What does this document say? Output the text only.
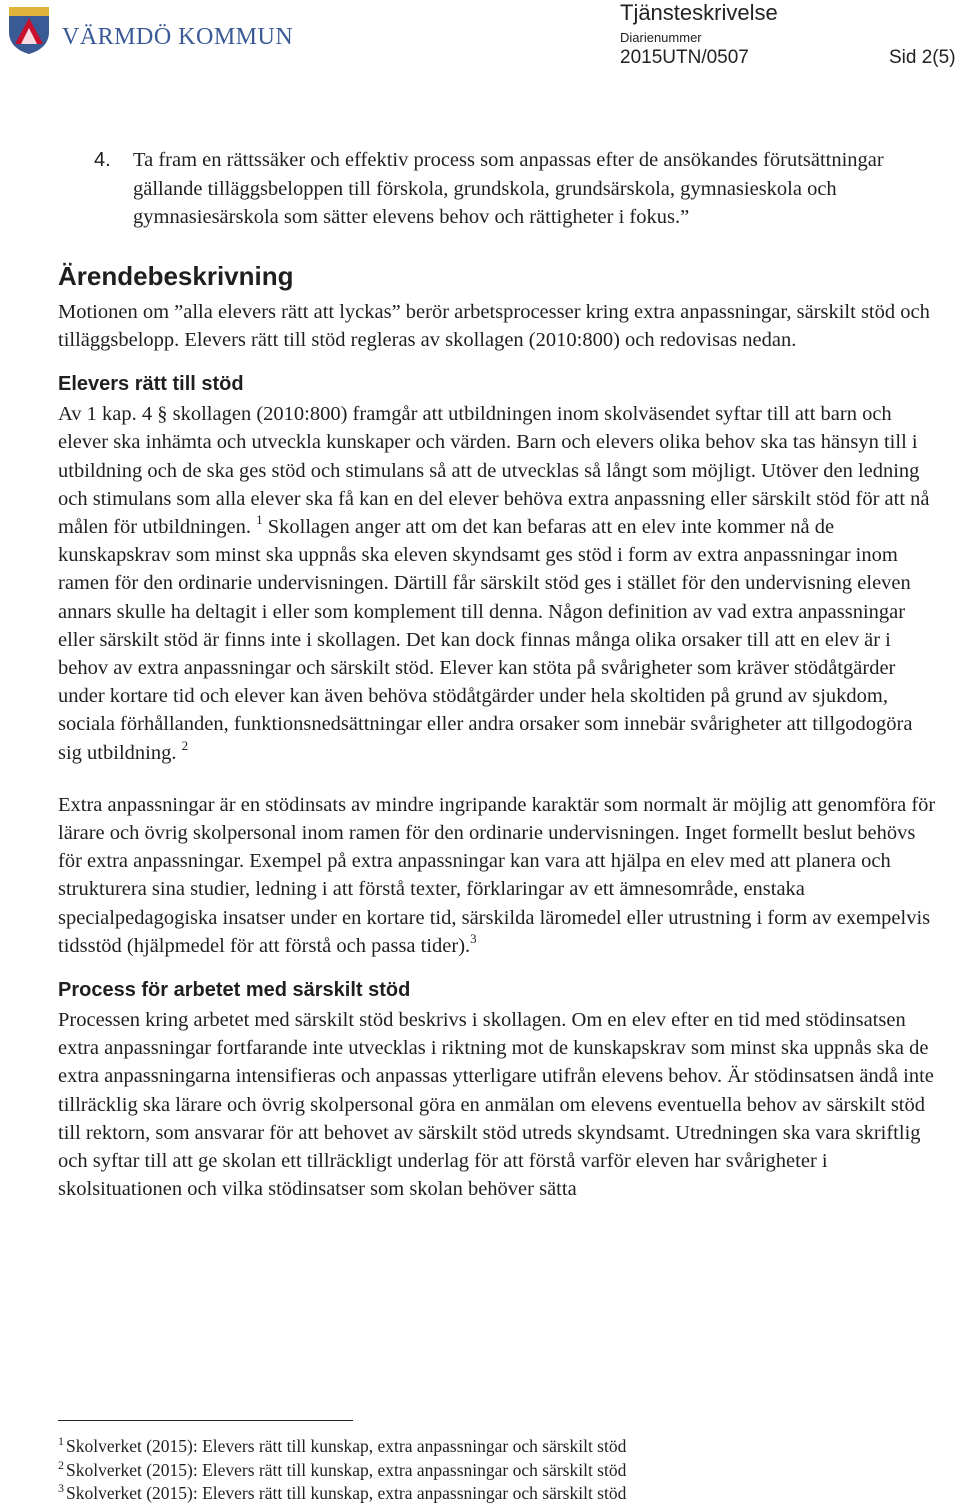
VÄRMDÖ KOMMUN
Tjänsteskrivelse
Diarienummer
2015UTN/0507	Sid 2(5)

4. Ta fram en rättssäker och effektiv process som anpassas efter de ansökandes förutsättningar gällande tilläggsbeloppen till förskola, grundskola, grundsärskola, gymnasieskola och gymnasiesärskola som sätter elevens behov och rättigheter i fokus.”

Ärendebeskrivning

Motionen om ”alla elevers rätt att lyckas” berör arbetsprocesser kring extra anpassningar, särskilt stöd och tilläggsbelopp. Elevers rätt till stöd regleras av skollagen (2010:800) och redovisas nedan.

Elevers rätt till stöd

Av 1 kap. 4 § skollagen (2010:800) framgår att utbildningen inom skolväsendet syftar till att barn och elever ska inhämta och utveckla kunskaper och värden. Barn och elevers olika behov ska tas hänsyn till i utbildning och de ska ges stöd och stimulans så att de utvecklas så långt som möjligt. Utöver den ledning och stimulans som alla elever ska få kan en del elever behöva extra anpassning eller särskilt stöd för att nå målen för utbildningen. $^1$ Skollagen anger att om det kan befaras att en elev inte kommer nå de kunskapskrav som minst ska uppnås ska eleven skyndsamt ges stöd i form av extra anpassningar inom ramen för den ordinarie undervisningen. Därtill får särskilt stöd ges i stället för den undervisning eleven annars skulle ha deltagit i eller som komplement till denna. Någon definition av vad extra anpassningar eller särskilt stöd är finns inte i skollagen. Det kan dock finnas många olika orsaker till att en elev är i behov av extra anpassningar och särskilt stöd. Elever kan stöta på svårigheter som kräver stödåtgärder under kortare tid och elever kan även behöva stödåtgärder under hela skoltiden på grund av sjukdom, sociala förhållanden, funktionsnedsättningar eller andra orsaker som innebär svårigheter att tillgodogöra sig utbildning. $^2$

Extra anpassningar är en stödinsats av mindre ingripande karaktär som normalt är möjlig att genomföra för lärare och övrig skolpersonal inom ramen för den ordinarie undervisningen. Inget formellt beslut behövs för extra anpassningar. Exempel på extra anpassningar kan vara att hjälpa en elev med att planera och strukturera sina studier, ledning i att förstå texter, förklaringar av ett ämnesområde, enstaka specialpedagogiska insatser under en kortare tid, särskilda läromedel eller utrustning i form av exempelvis tidsstöd (hjälpmedel för att förstå och passa tider).$^3$

Process för arbetet med särskilt stöd

Processen kring arbetet med särskilt stöd beskrivs i skollagen. Om en elev efter en tid med stödinsatsen extra anpassningar fortfarande inte utvecklas i riktning mot de kunskapskrav som minst ska uppnås ska de extra anpassningarna intensifieras och anpassas ytterligare utifrån elevens behov. Är stödinsatsen ändå inte tillräcklig ska lärare och övrig skolpersonal göra en anmälan om elevens eventuella behov av särskilt stöd till rektorn, som ansvarar för att behovet av särskilt stöd utreds skyndsamt. Utredningen ska vara skriftlig och syftar till att ge skolan ett tillräckligt underlag för att förstå varför eleven har svårigheter i skolsituationen och vilka stödinsatser som skolan behöver sätta

$^1$ Skolverket (2015): Elevers rätt till kunskap, extra anpassningar och särskilt stöd

$^2$ Skolverket (2015): Elevers rätt till kunskap, extra anpassningar och särskilt stöd

$^3$ Skolverket (2015): Elevers rätt till kunskap, extra anpassningar och särskilt stöd
